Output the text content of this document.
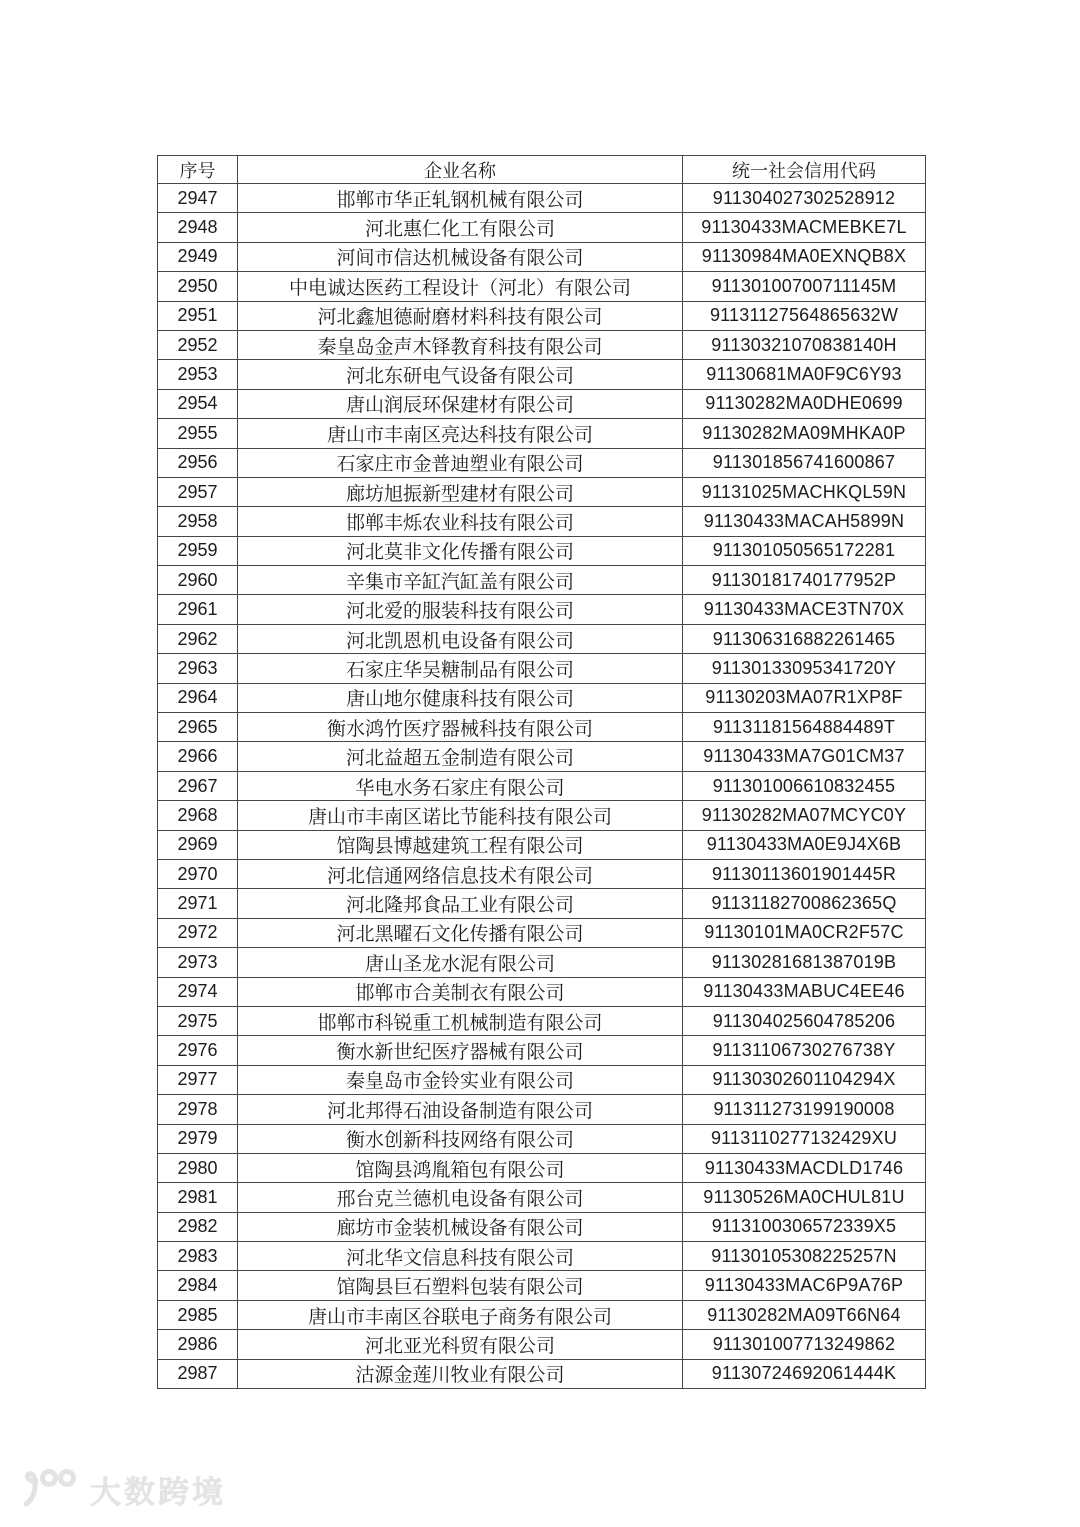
序号	企业名称	统一社会信用代码
2947	邯郸市华正轧钢机械有限公司	911304027302528912
2948	河北惠仁化工有限公司	91130433MACMEBKE7L
2949	河间市信达机械设备有限公司	91130984MA0EXNQB8X
2950	中电诚达医药工程设计（河北）有限公司	91130100700711145M
2951	河北鑫旭德耐磨材料科技有限公司	91131127564865632W
2952	秦皇岛金声木铎教育科技有限公司	91130321070838140H
2953	河北东研电气设备有限公司	91130681MA0F9C6Y93
2954	唐山润辰环保建材有限公司	91130282MA0DHE0699
2955	唐山市丰南区亮达科技有限公司	91130282MA09MHKA0P
2956	石家庄市金普迪塑业有限公司	911301856741600867
2957	廊坊旭振新型建材有限公司	91131025MACHKQL59N
2958	邯郸丰烁农业科技有限公司	91130433MACAH5899N
2959	河北莫非文化传播有限公司	911301050565172281
2960	辛集市辛缸汽缸盖有限公司	91130181740177952P
2961	河北爱的服装科技有限公司	91130433MACE3TN70X
2962	河北凯恩机电设备有限公司	911306316882261465
2963	石家庄华吴糖制品有限公司	91130133095341720Y
2964	唐山地尔健康科技有限公司	91130203MA07R1XP8F
2965	衡水鸿竹医疗器械科技有限公司	91131181564884489T
2966	河北益超五金制造有限公司	91130433MA7G01CM37
2967	华电水务石家庄有限公司	911301006610832455
2968	唐山市丰南区诺比节能科技有限公司	91130282MA07MCYC0Y
2969	馆陶县博越建筑工程有限公司	91130433MA0E9J4X6B
2970	河北信通网络信息技术有限公司	91130113601901445R
2971	河北隆邦食品工业有限公司	91131182700862365Q
2972	河北黑曜石文化传播有限公司	91130101MA0CR2F57C
2973	唐山圣龙水泥有限公司	91130281681387019B
2974	邯郸市合美制衣有限公司	91130433MABUC4EE46
2975	邯郸市科锐重工机械制造有限公司	911304025604785206
2976	衡水新世纪医疗器械有限公司	91131106730276738Y
2977	秦皇岛市金铃实业有限公司	91130302601104294X
2978	河北邦得石油设备制造有限公司	911311273199190008
2979	衡水创新科技网络有限公司	9113110277132429XU
2980	馆陶县鸿胤箱包有限公司	91130433MACDLD1746
2981	邢台克兰德机电设备有限公司	91130526MA0CHUL81U
2982	廊坊市金装机械设备有限公司	9113100306572339X5
2983	河北华文信息科技有限公司	91130105308225257N
2984	馆陶县巨石塑料包装有限公司	91130433MAC6P9A76P
2985	唐山市丰南区谷联电子商务有限公司	91130282MA09T66N64
2986	河北亚光科贸有限公司	911301007713249862
2987	沽源金莲川牧业有限公司	91130724692061444K
大数跨境
